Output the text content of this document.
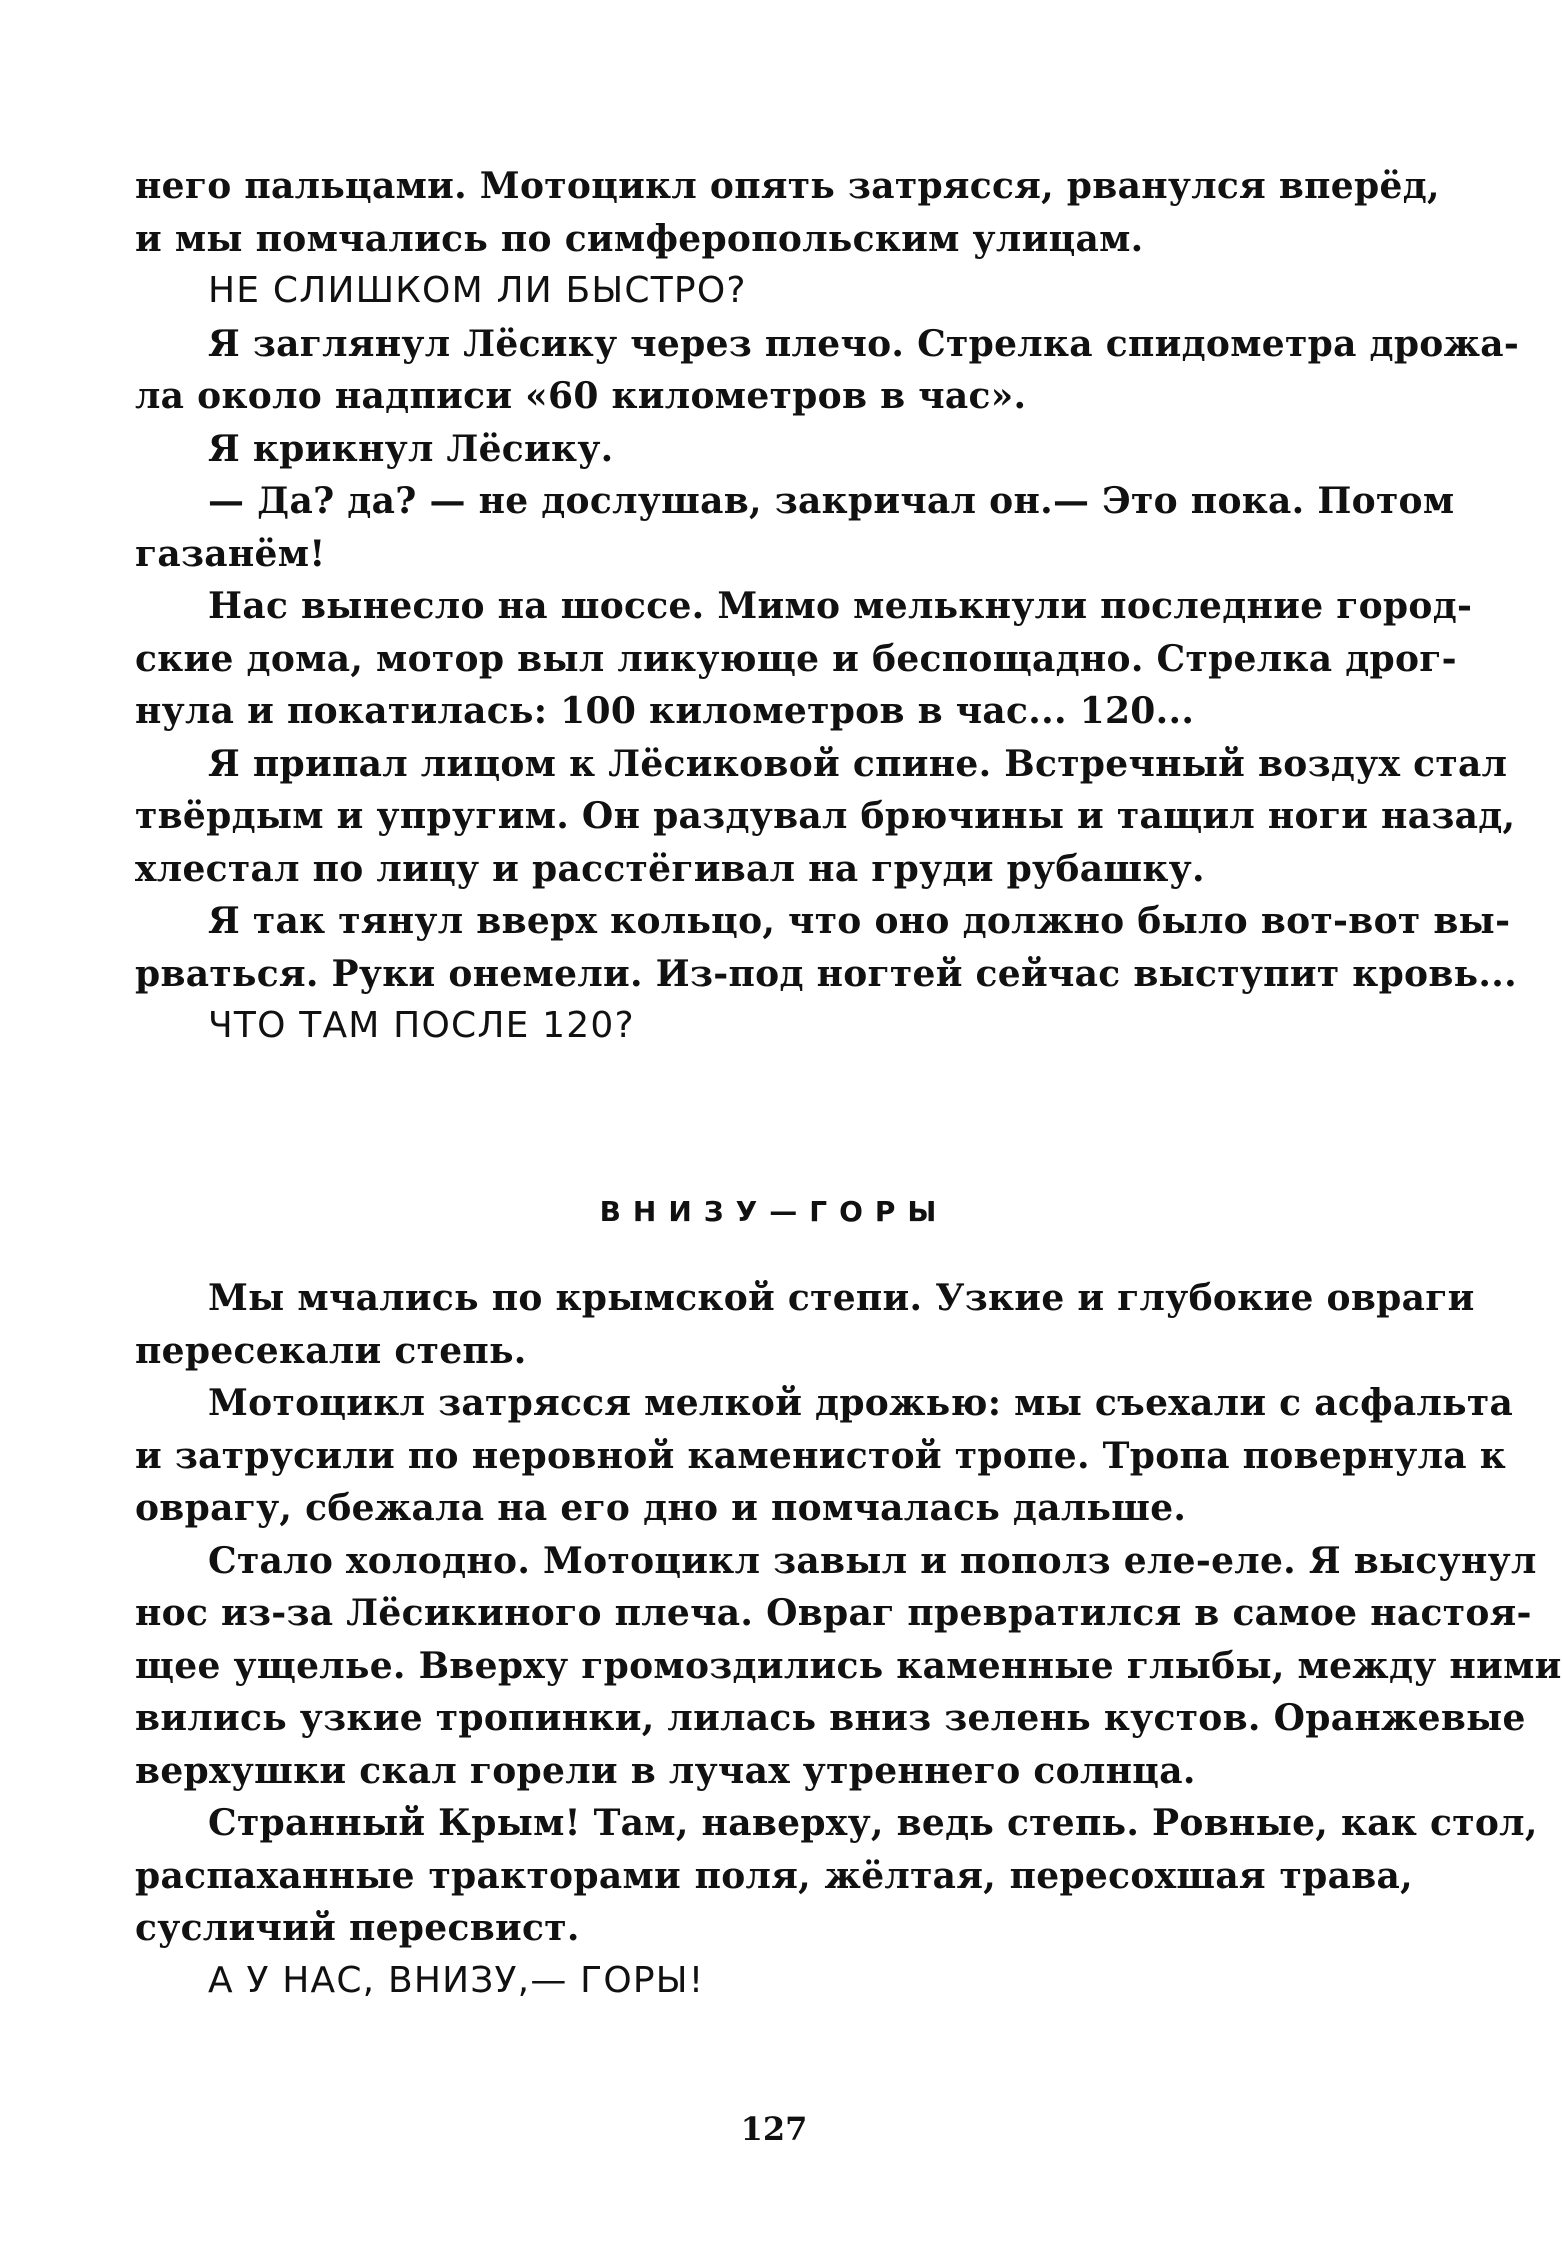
него пальцами. Мотоцикл опять затрясся, рванулся вперёд,
и мы помчались по симферопольским улицам.
НЕ СЛИШКОМ ЛИ БЫСТРО?
Я заглянул Лёсику через плечо. Стрелка спидометра дрожа-
ла около надписи «60 километров в час».
Я крикнул Лёсику.
— Да? да? — не дослушав, закричал он.— Это пока. Потом
газанём!
Нас вынесло на шоссе. Мимо мелькнули последние город-
ские дома, мотор выл ликующе и беспощадно. Стрелка дрог-
нула и покатилась: 100 километров в час... 120...
Я припал лицом к Лёсиковой спине. Встречный воздух стал
твёрдым и упругим. Он раздувал брючины и тащил ноги назад,
хлестал по лицу и расстёгивал на груди рубашку.
Я так тянул вверх кольцо, что оно должно было вот-вот вы-
рваться. Руки онемели. Из-под ногтей сейчас выступит кровь...
ЧТО ТАМ ПОСЛЕ 120?
ВНИЗУ—ГОРЫ
Мы мчались по крымской степи. Узкие и глубокие овраги
пересекали степь.
Мотоцикл затрясся мелкой дрожью: мы съехали с асфальта
и затрусили по неровной каменистой тропе. Тропа повернула к
оврагу, сбежала на его дно и помчалась дальше.
Стало холодно. Мотоцикл завыл и пополз еле-еле. Я высунул
нос из-за Лёсикиного плеча. Овраг превратился в самое настоя-
щее ущелье. Вверху громоздились каменные глыбы, между ними
вились узкие тропинки, лилась вниз зелень кустов. Оранжевые
верхушки скал горели в лучах утреннего солнца.
Странный Крым! Там, наверху, ведь степь. Ровные, как стол,
распаханные тракторами поля, жёлтая, пересохшая трава,
сусличий пересвист.
А У НАС, ВНИЗУ,— ГОРЫ!
127
